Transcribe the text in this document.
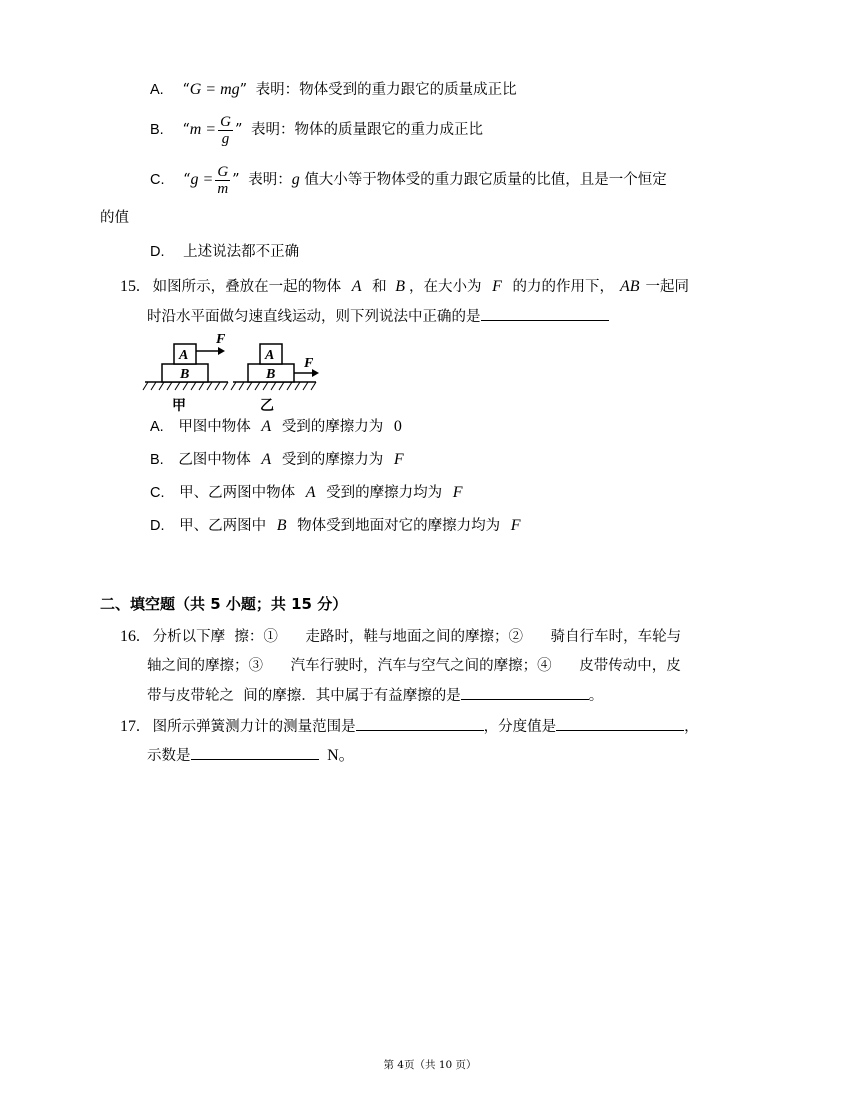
A. “G = mg” 表明：物体受到的重力跟它的质量成正比
B. “$m = \frac{G}{g}$ ” 表明：物体的质量跟它的重力成正比
C. “$g = \frac{G}{m}$ ” 表明：g 值大小等于物体受的重力跟它质量的比值，且是一个恒定
的值
D. 上述说法都不正确
15. 如图所示，叠放在一起的物体 A 和 B ，在大小为 F 的力的作用下， AB 一起同
时沿水平面做匀速直线运动，则下列说法中正确的是
B
A
F
甲
B
A
F
乙
A. 甲图中物体 A 受到的摩擦力为 0
B. 乙图中物体 A 受到的摩擦力为 F
C. 甲、乙两图中物体 A 受到的摩擦力均为 F
D. 甲、乙两图中 B 物体受到地面对它的摩擦力均为 F
二、填空题（共 5 小题；共 15 分）
16. 分析以下摩  擦：①      走路时，鞋与地面之间的摩擦；②      骑自行车时，车轮与
轴之间的摩擦；③      汽车行驶时，汽车与空气之间的摩擦；④      皮带传动中，皮
带与皮带轮之  间的摩擦．其中属于有益摩擦的是	。
17. 图所示弹簧测力计的测量范围是	，分度值是	，
示数是	N。
第 4页（共 10 页）
